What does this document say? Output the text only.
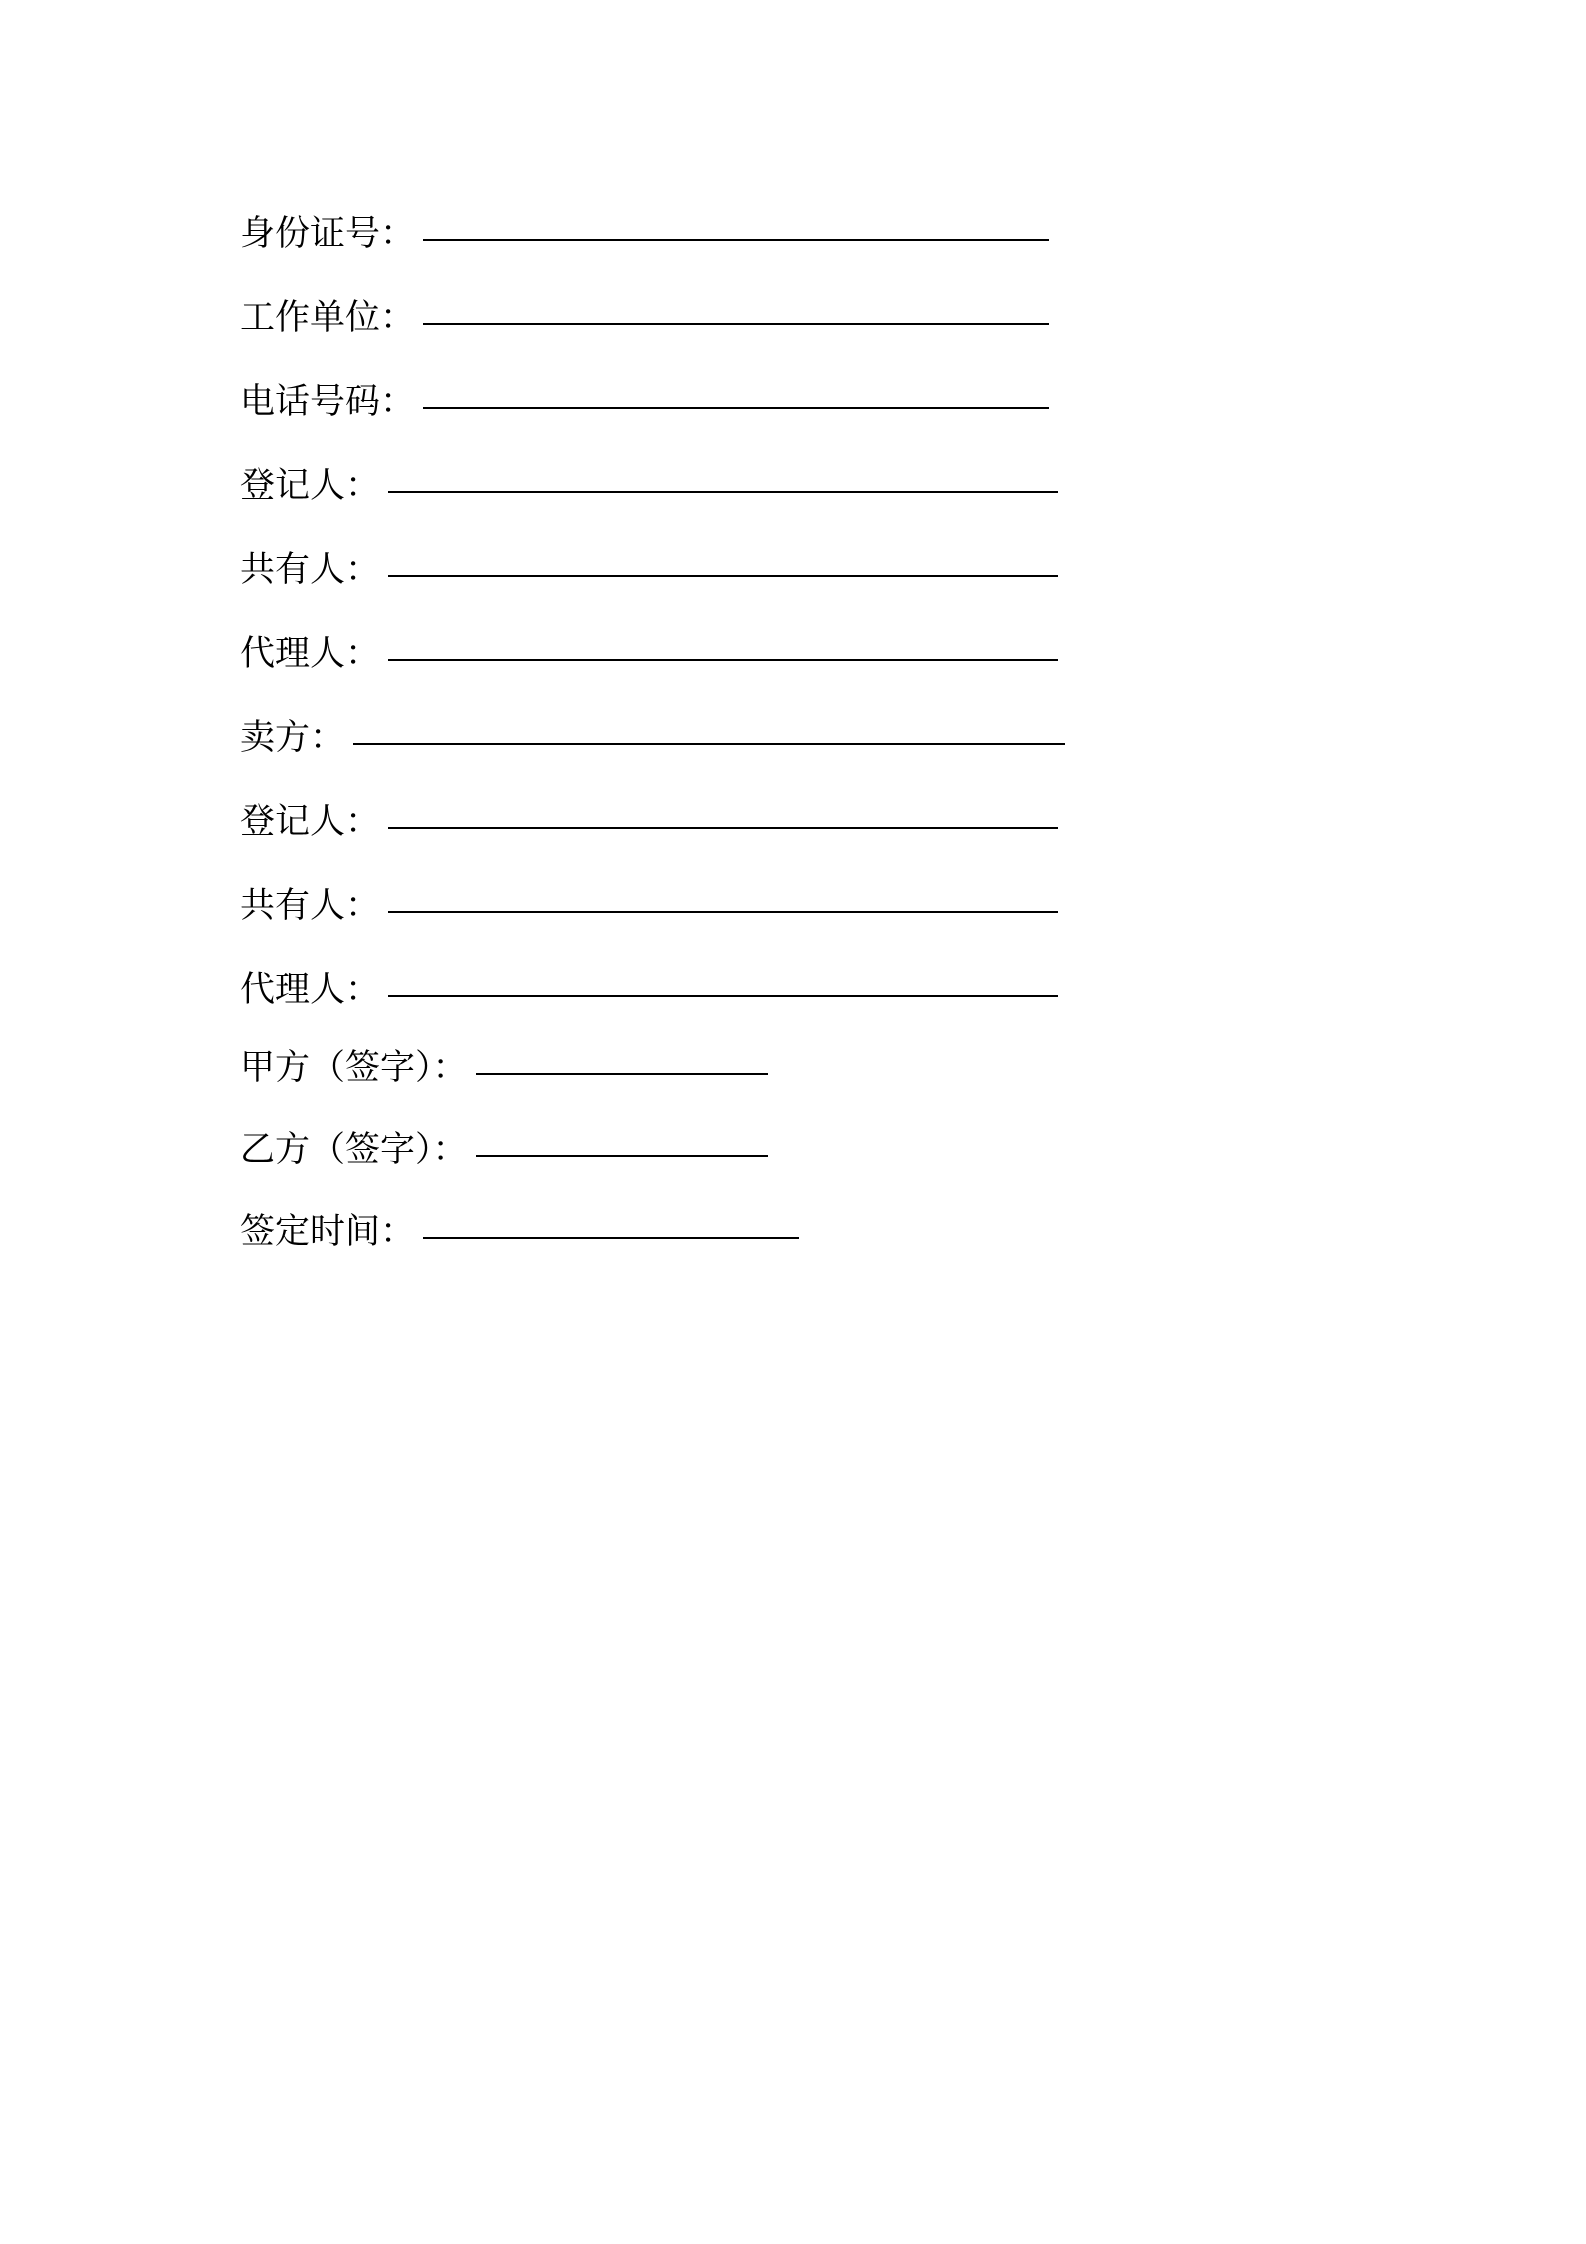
身份证号：
工作单位：
电话号码：
登记人：
共有人：
代理人：
卖方：
登记人：
共有人：
代理人：
甲方（签字）：
乙方（签字）：
签定时间：
